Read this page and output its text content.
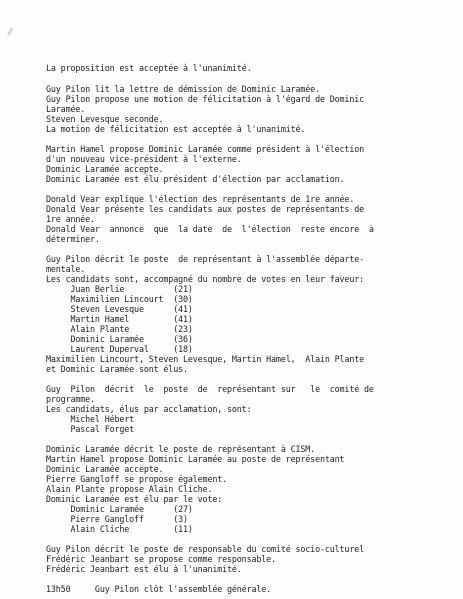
⸙
La proposition est acceptée à l'unanimité.
Guy Pilon lit la lettre de démission de Dominic Laramée.
Guy Pilon propose une motion de félicitation à l'égard de Dominic
Laramée.
Steven Levesque seconde.
La motion de félicitation est acceptée à l'unanimité.
Martin Hamel propose Dominic Laramée comme président à l'élection
d'un nouveau vice-président à l'externe.
Dominic Laramée accepte.
Dominic Laramée est élu président d'élection par acclamation.
Donald Vear explique l'élection des représentants de 1re année.
Donald Vear présente les candidats aux postes de représentants de
1re année.
Donald Vear  annonce  que  la date  de  l'élection  reste encore  à
déterminer.
Guy Pilon décrit le poste  de représentant à l'assemblée départe-
mentale.
Les candidats sont, accompagné du nombre de votes en leur faveur:
Juan Berlie          (21)
Maximilien Lincourt  (30)
Steven Levesque      (41)
Martin Hamel         (41)
Alain Plante         (23)
Dominic Laramée      (36)
Laurent Duperval     (18)
Maximilien Lincourt, Steven Levesque, Martin Hamel,  Alain Plante
et Dominic Laramée sont élus.
Guy  Pilon  décrit  le  poste  de  représentant sur   le  comité de
programme.
Les candidats, élus par acclamation, sont:
Michel Hébert
Pascal Forget
Dominic Laramée décrit le poste de représentant à CISM.
Martin Hamel propose Dominic Laramée au poste de représentant
Dominic Laramée accepte.
Pierre Gangloff se propose également.
Alain Plante propose Alain Cliche.
Dominic Laramée est élu par le vote:
Dominic Laramée      (27)
Pierre Gangloff      (3)
Alain Cliche         (11)
Guy Pilon décrit le poste de responsable du comité socio-culturel
Frédéric Jeanbart se propose comme responsable.
Frédéric Jeanbart est élu à l'unanimité.
13h50     Guy Pilon clôt l'assemblée générale.
